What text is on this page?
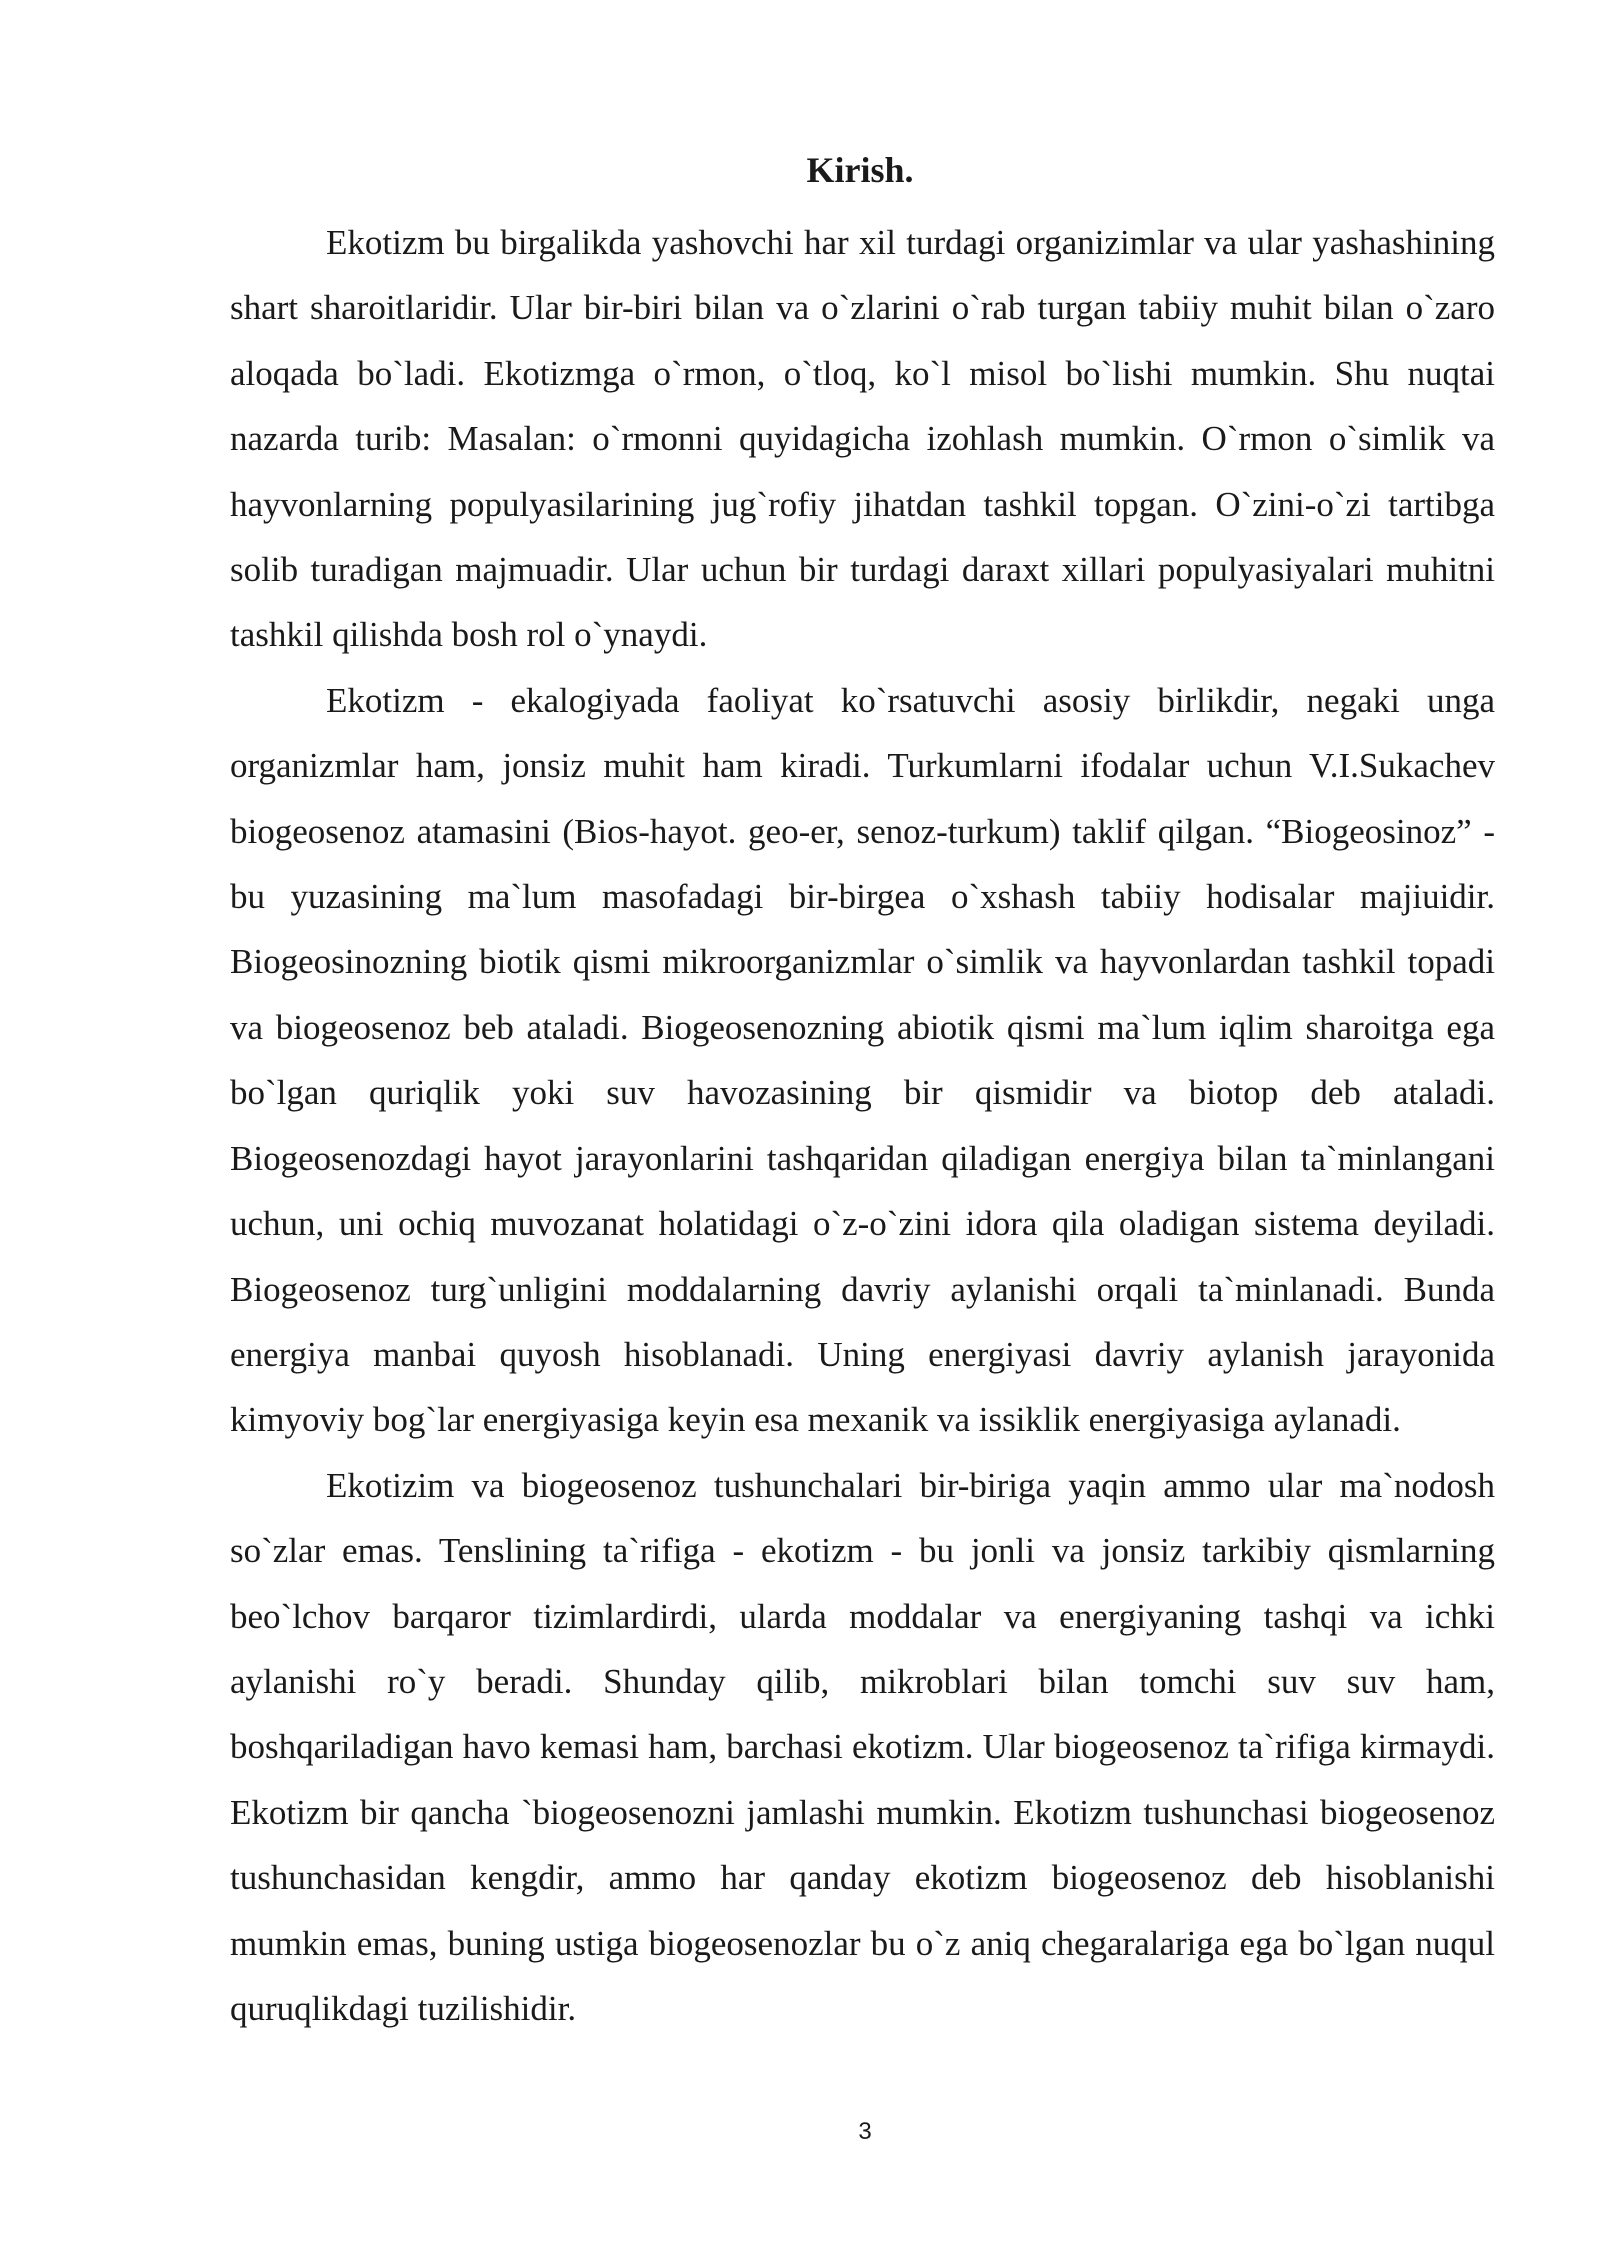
Kirish.

Ekotizm bu birgalikda yashovchi har xil turdagi organizimlar va ular yashashining shart sharoitlaridir. Ular bir-biri bilan va o`zlarini o`rab turgan tabiiy muhit bilan o`zaro aloqada bo`ladi. Ekotizmga o`rmon, o`tloq, ko`l misol bo`lishi mumkin. Shu nuqtai nazarda turib: Masalan: o`rmonni quyidagicha izohlash mumkin. O`rmon o`simlik va hayvonlarning populyasilarining jug`rofiy jihatdan tashkil topgan. O`zini-o`zi tartibga solib turadigan majmuadir. Ular uchun bir turdagi daraxt xillari populyasiyalari muhitni tashkil qilishda bosh rol o`ynaydi.

Ekotizm - ekalogiyada faoliyat ko`rsatuvchi asosiy birlikdir, negaki unga organizmlar ham, jonsiz muhit ham kiradi. Turkumlarni ifodalar uchun V.I.Sukachev biogeosenoz atamasini (Bios-hayot. geo-er, senoz-turkum) taklif qilgan. “Biogeosinoz” - bu yuzasining ma`lum masofadagi bir-birgea o`xshash tabiiy hodisalar majiuidir. Biogeosinozning biotik qismi mikroorganizmlar o`simlik va hayvonlardan tashkil topadi va biogeosenoz beb ataladi. Biogeosenozning abiotik qismi ma`lum iqlim sharoitga ega bo`lgan quriqlik yoki suv havozasining bir qismidir va biotop deb ataladi. Biogeosenozdagi hayot jarayonlarini tashqaridan qiladigan energiya bilan ta`minlangani uchun, uni ochiq muvozanat holatidagi o`z-o`zini idora qila oladigan sistema deyiladi. Biogeosenoz turg`unligini moddalarning davriy aylanishi orqali ta`minlanadi. Bunda energiya manbai quyosh hisoblanadi. Uning energiyasi davriy aylanish jarayonida kimyoviy bog`lar energiyasiga keyin esa mexanik va issiklik energiyasiga aylanadi.

Ekotizim va biogeosenoz tushunchalari bir-biriga yaqin ammo ular ma`nodosh so`zlar emas. Tenslining ta`rifiga - ekotizm - bu jonli va jonsiz tarkibiy qismlarning beo`lchov barqaror tizimlardirdi, ularda moddalar va energiyaning tashqi va ichki aylanishi ro`y beradi. Shunday qilib, mikroblari bilan tomchi suv suv ham, boshqariladigan havo kemasi ham, barchasi ekotizm. Ular biogeosenoz ta`rifiga kirmaydi. Ekotizm bir qancha `biogeosenozni jamlashi mumkin. Ekotizm tushunchasi biogeosenoz tushunchasidan kengdir, ammo har qanday ekotizm biogeosenoz deb hisoblanishi mumkin emas, buning ustiga biogeosenozlar bu o`z aniq chegaralariga ega bo`lgan nuqul quruqlikdagi tuzilishidir.

3
